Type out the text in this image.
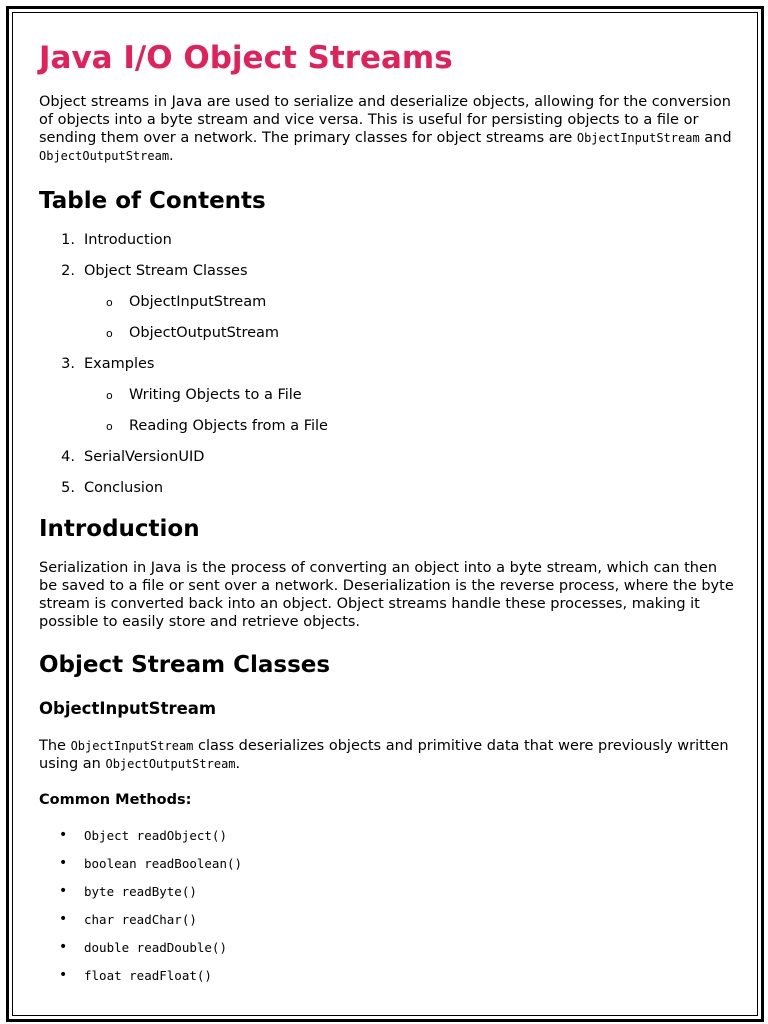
Java I/O Object Streams

Object streams in Java are used to serialize and deserialize objects, allowing for the conversion of objects into a byte stream and vice versa. This is useful for persisting objects to a file or sending them over a network. The primary classes for object streams are ObjectInputStream and ObjectOutputStream.

Table of Contents
1. Introduction
2. Object Stream Classes
o ObjectInputStream
o ObjectOutputStream
3. Examples
o Writing Objects to a File
o Reading Objects from a File
4. SerialVersionUID
5. Conclusion
Introduction

Serialization in Java is the process of converting an object into a byte stream, which can then be saved to a file or sent over a network. Deserialization is the reverse process, where the byte stream is converted back into an object. Object streams handle these processes, making it possible to easily store and retrieve objects.

Object Stream Classes
ObjectInputStream

The ObjectInputStream class deserializes objects and primitive data that were previously written using an ObjectOutputStream.

Common Methods:
• Object readObject()
• boolean readBoolean()
• byte readByte()
• char readChar()
• double readDouble()
• float readFloat()
